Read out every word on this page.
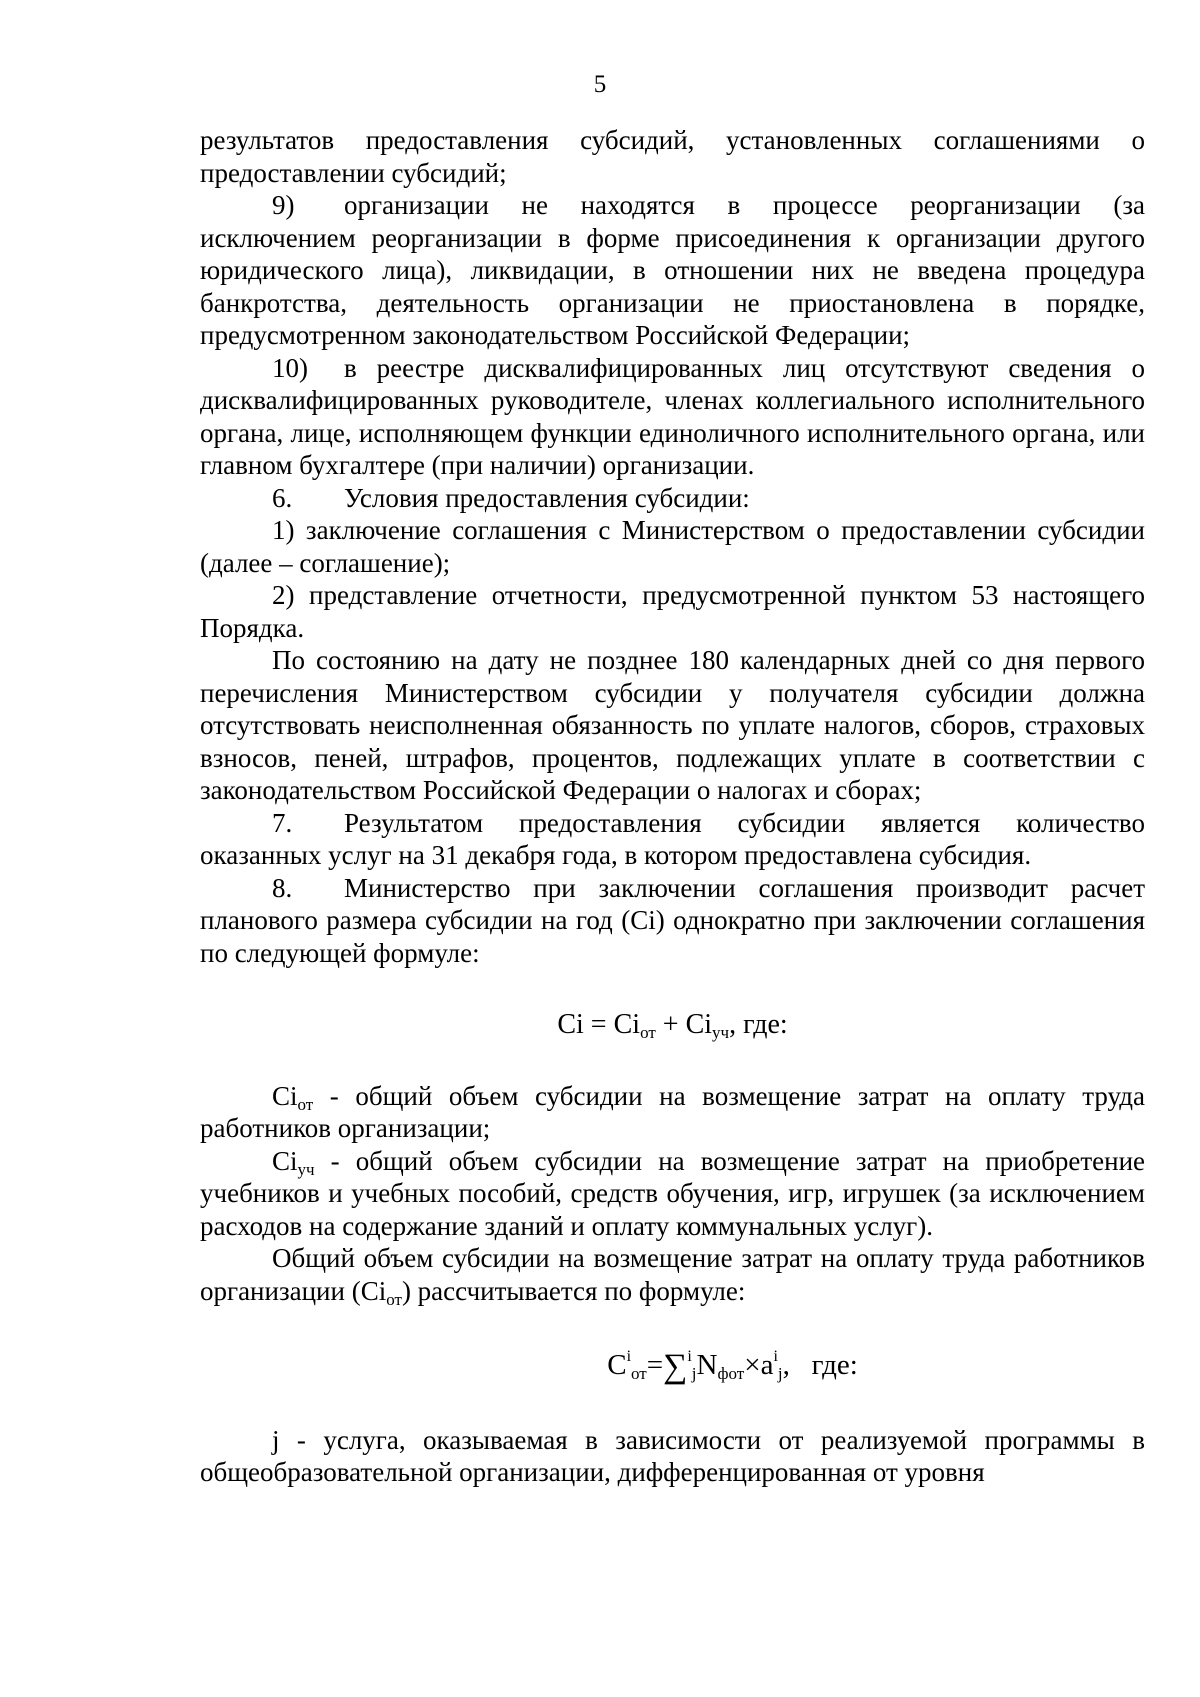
5

результатов предоставления субсидий, установленных соглашениями о предоставлении субсидий;

9) организации не находятся в процессе реорганизации (за исключением реорганизации в форме присоединения к организации другого юридического лица), ликвидации, в отношении них не введена процедура банкротства, деятельность организации не приостановлена в порядке, предусмотренном законодательством Российской Федерации;

10) в реестре дисквалифицированных лиц отсутствуют сведения о дисквалифицированных руководителе, членах коллегиального исполнительного органа, лице, исполняющем функции единоличного исполнительного органа, или главном бухгалтере (при наличии) организации.

6. Условия предоставления субсидии:

1) заключение соглашения с Министерством о предоставлении субсидии (далее – соглашение);

2) представление отчетности, предусмотренной пунктом 53 настоящего Порядка.

По состоянию на дату не позднее 180 календарных дней со дня первого перечисления Министерством субсидии у получателя субсидии должна отсутствовать неисполненная обязанность по уплате налогов, сборов, страховых взносов, пеней, штрафов, процентов, подлежащих уплате в соответствии с законодательством Российской Федерации о налогах и сборах;

7. Результатом предоставления субсидии является количество оказанных услуг на 31 декабря года, в котором предоставлена субсидия.

8. Министерство при заключении соглашения производит расчет планового размера субсидии на год (Ci) однократно при заключении соглашения по следующей формуле:

$Ci = Ci_{от} + Ci_{уч}$, где:

$Ci_{от}$ - общий объем субсидии на возмещение затрат на оплату труда работников организации;

$Ci_{уч}$ - общий объем субсидии на возмещение затрат на приобретение учебников и учебных пособий, средств обучения, игр, игрушек (за исключением расходов на содержание зданий и оплату коммунальных услуг).

Общий объем субсидии на возмещение затрат на оплату труда работников организации $(Ci_{от})$ рассчитывается по формуле:

$C^i_{от}=\sum^i_jN_{фот}\times a^i_j$,   где:

j - услуга, оказываемая в зависимости от реализуемой программы в общеобразовательной организации, дифференцированная от уровня
